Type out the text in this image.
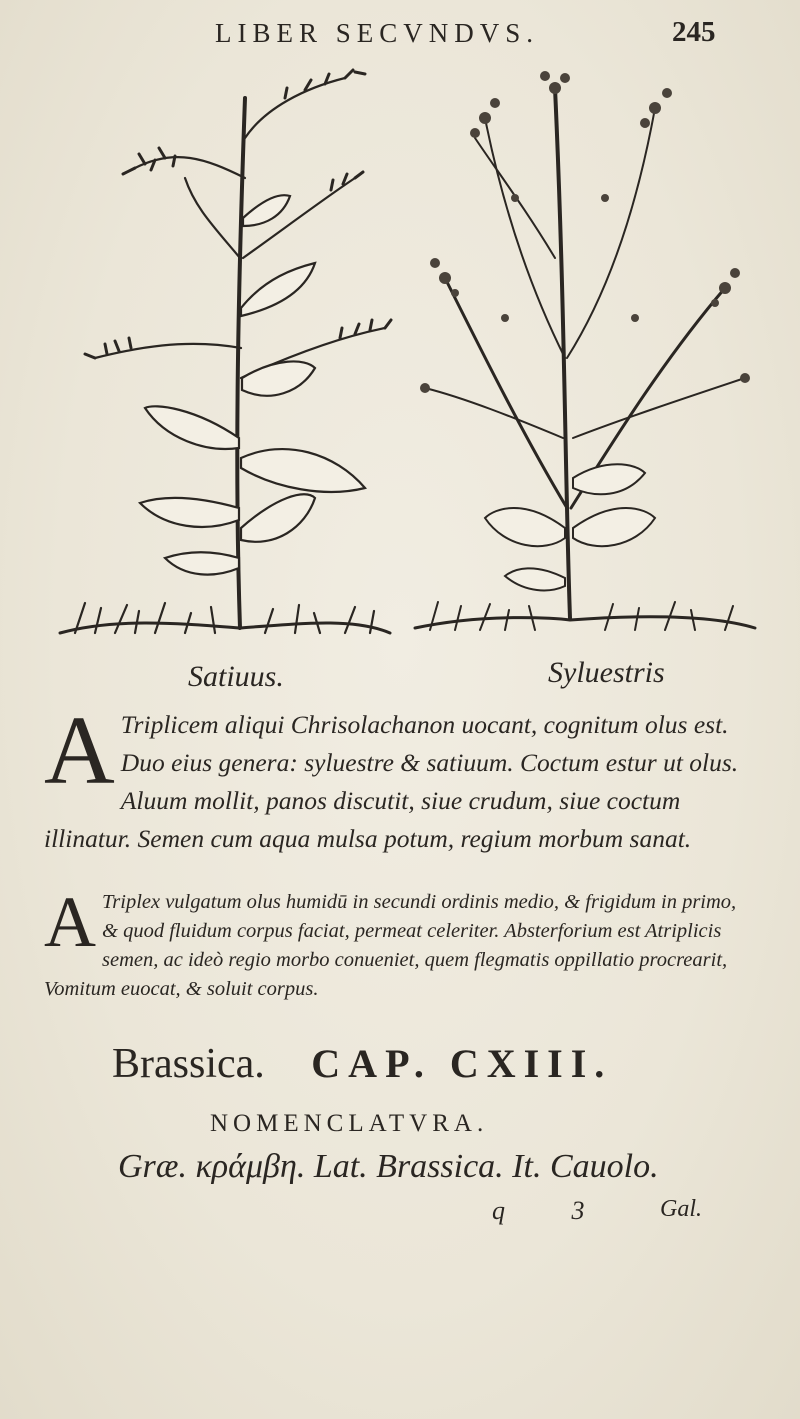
LIBER SECVNDVS.	245
Satiuus.	Syluestris
A Triplicem aliqui Chrisolachanon uocant, cognitum olus est. Duo eius genera: syluestre & satiuum. Coctum estur ut olus. Aluum mollit, panos discutit, siue crudum, siue coctum illinatur. Semen cum aqua mulsa potum, regium morbum sanat.
A Triplex vulgatum olus humidū in secundi ordinis medio, & frigidum in primo, & quod fluidum corpus faciat, permeat celeriter. Absterforium est Atriplicis semen, ac ideò regio morbo conueniet, quem flegmatis oppillatio procrearit, Vomitum euocat, & soluit corpus.
Brassica. CAP. CXIII.
NOMENCLATVRA.
Græ. κράμβη. Lat. Brassica. It. Cauolo.
q 3 Gal.
